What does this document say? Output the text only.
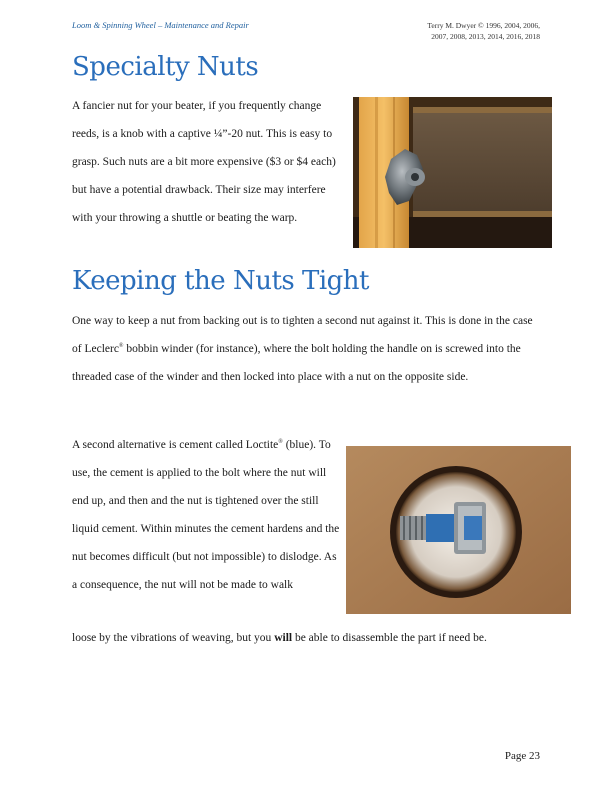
Loom & Spinning Wheel – Maintenance and Repair	Terry M. Dwyer © 1996, 2004, 2006,
2007, 2008, 2013, 2014, 2016, 2018
Specialty Nuts

A fancier nut for your beater, if you frequently change reeds, is a knob with a captive ¼”-20 nut. This is easy to grasp. Such nuts are a bit more expensive ($3 or $4 each) but have a potential drawback. Their size may interfere with your throwing a shuttle or beating the warp.

Keeping the Nuts Tight

One way to keep a nut from backing out is to tighten a second nut against it. This is done in the case of Leclerc® bobbin winder (for instance), where the bolt holding the handle on is screwed into the threaded case of the winder and then locked into place with a nut on the opposite side.

A second alternative is cement called Loctite® (blue). To use, the cement is applied to the bolt where the nut will end up, and then and the nut is tightened over the still liquid cement. Within minutes the cement hardens and the nut becomes difficult (but not impossible) to dislodge. As a consequence, the nut will not be made to walk

loose by the vibrations of weaving, but you will be able to disassemble the part if need be.

Page 23
